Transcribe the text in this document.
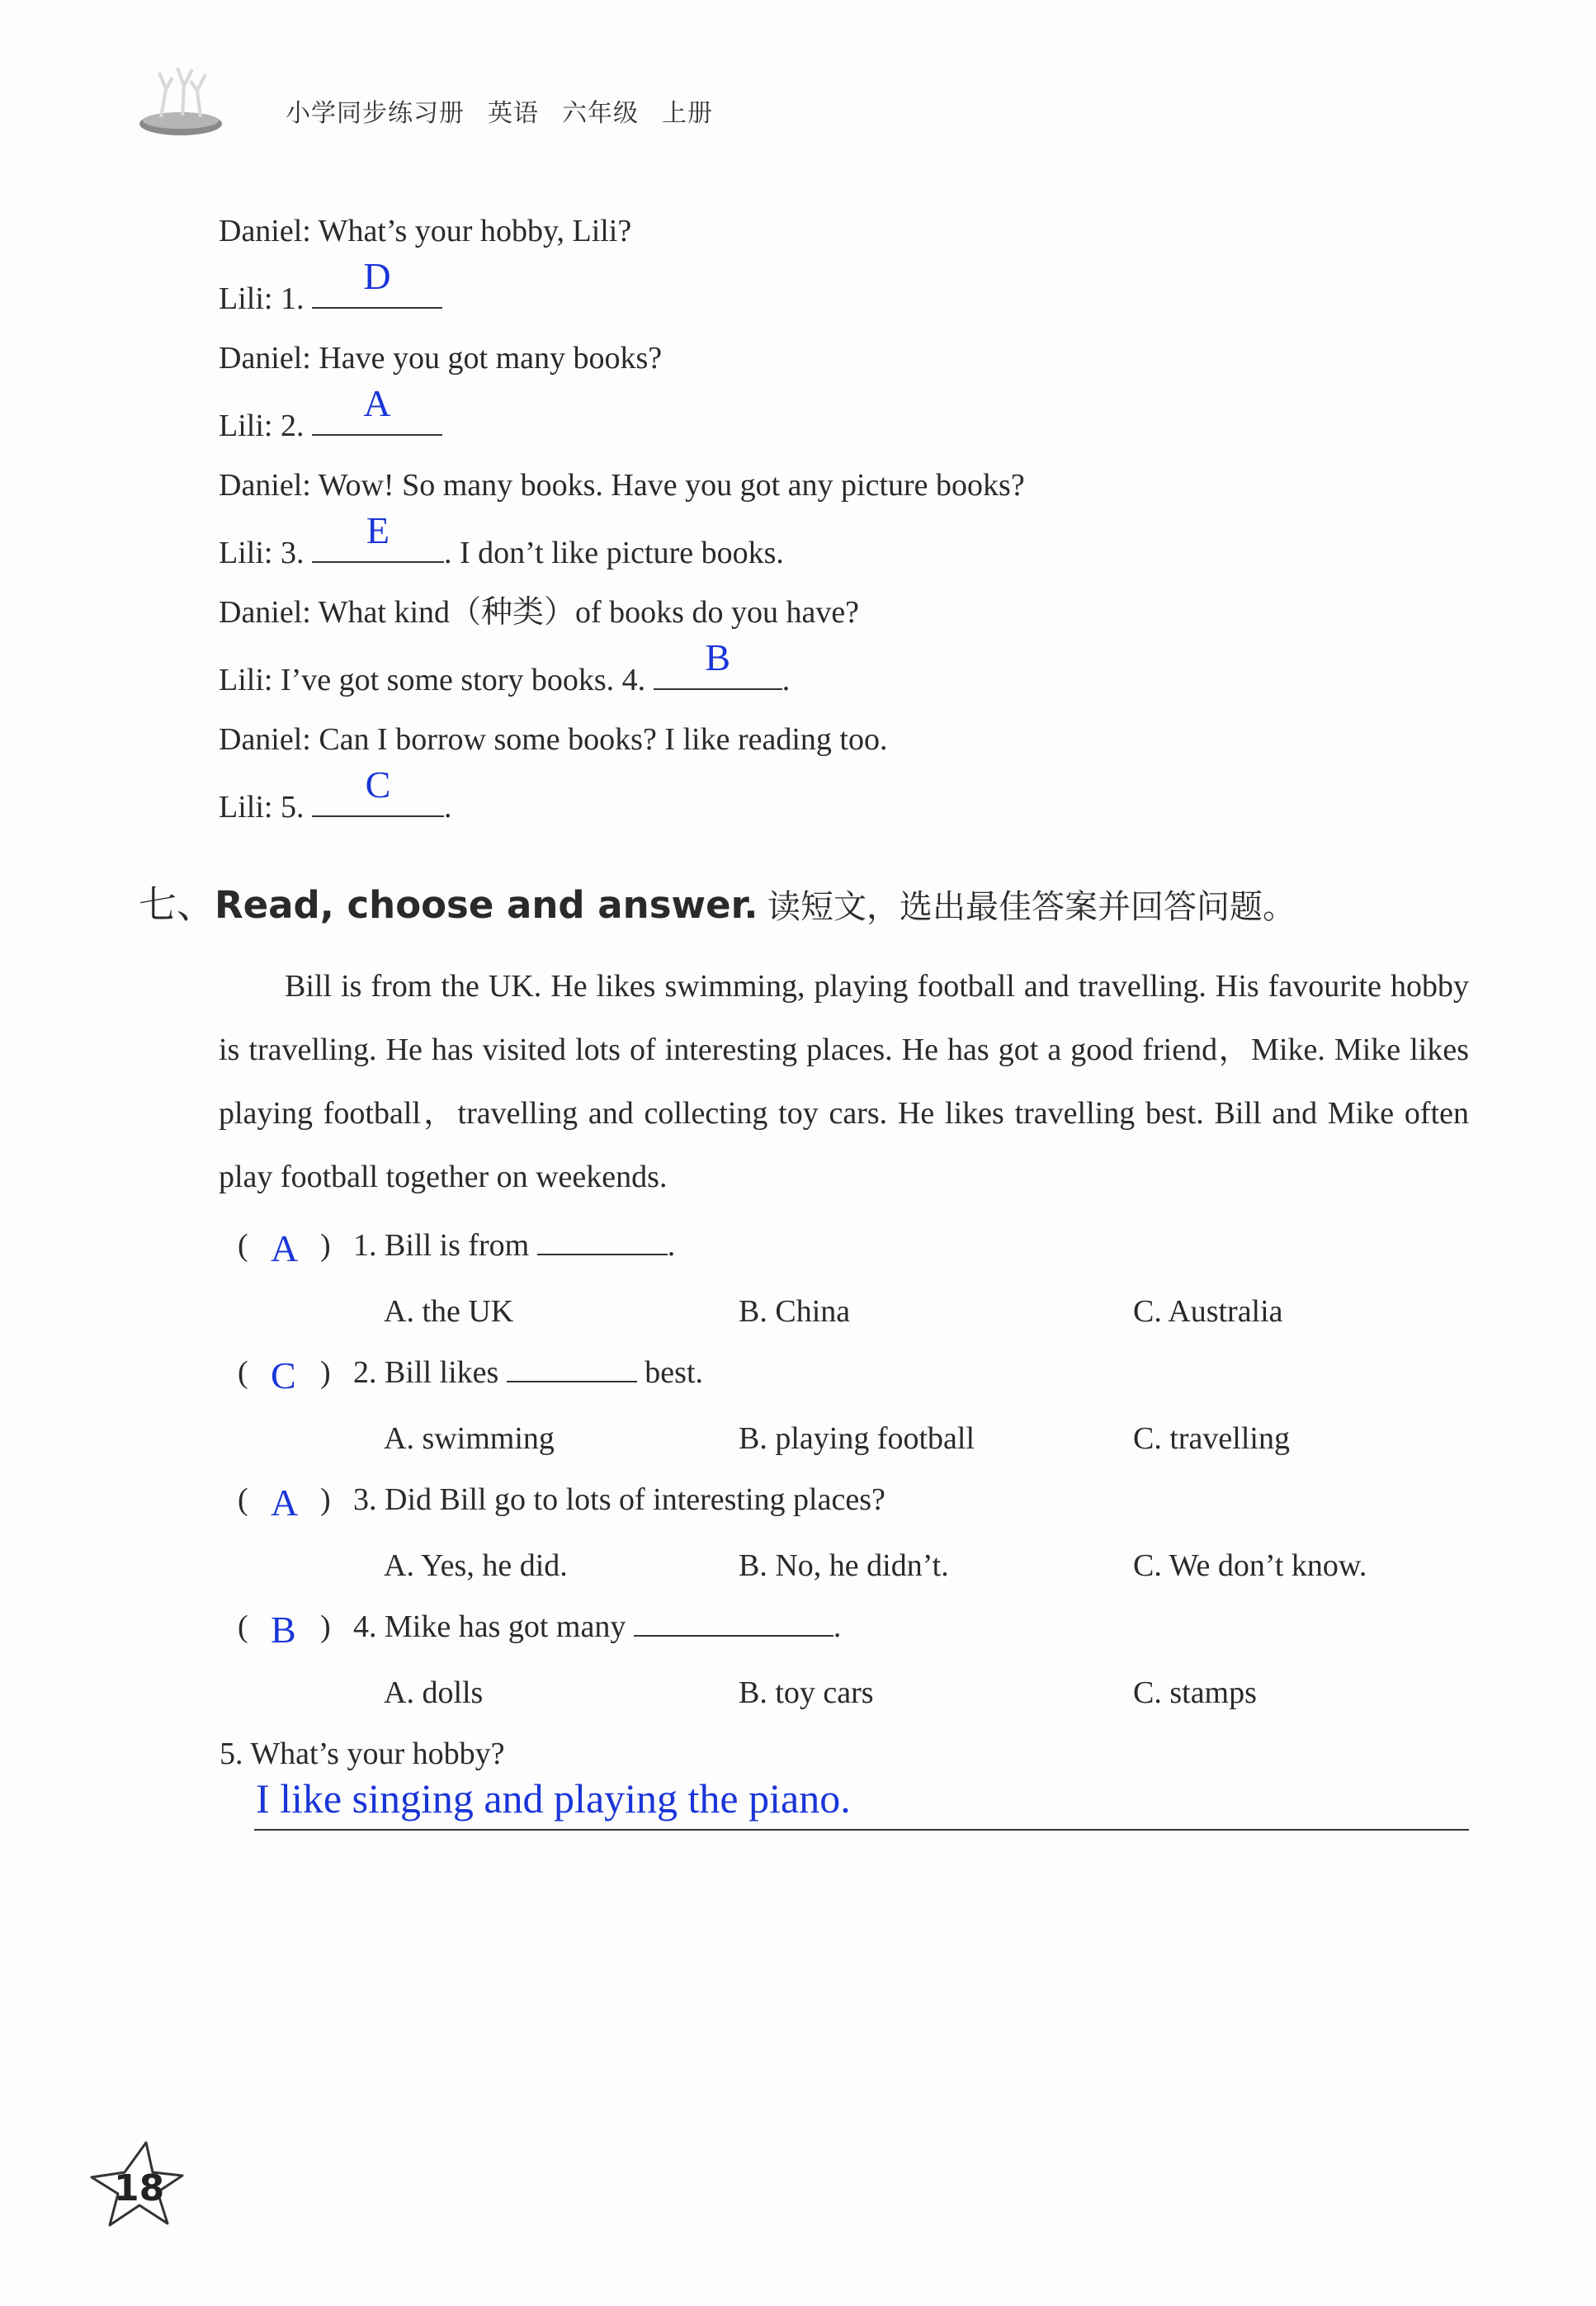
小学同步练习册 英语 六年级 上册
Daniel: What’s your hobby, Lili?
Lili: 1.
D
Daniel: Have you got many books?
Lili: 2.
A
Daniel: Wow! So many books. Have you got any picture books?
Lili: 3.
E
. I don’t like picture books.
Daniel: What kind（种类）of books do you have?
Lili: I’ve got some story books. 4.
B
.
Daniel: Can I borrow some books? I like reading too.
Lili: 5.
C
.
七、Read, choose and answer. 读短文，选出最佳答案并回答问题。
Bill is from the UK. He likes swimming, playing football and travelling. His favourite hobby is travelling. He has visited lots of interesting places. He has got a good friend，Mike. Mike likes playing football，travelling and collecting toy cars. He likes travelling best. Bill and Mike often play football together on weekends.
( A ) 1. Bill is from	.
A. the UK	B. China	C. Australia
( C ) 2. Bill likes	best.
A. swimming	B. playing football	C. travelling
( A ) 3. Did Bill go to lots of interesting places?
A. Yes, he did.	B. No, he didn’t.	C. We don’t know.
( B ) 4. Mike has got many	.
A. dolls	B. toy cars	C. stamps
5. What’s your hobby?
I like singing and playing the piano.
18
